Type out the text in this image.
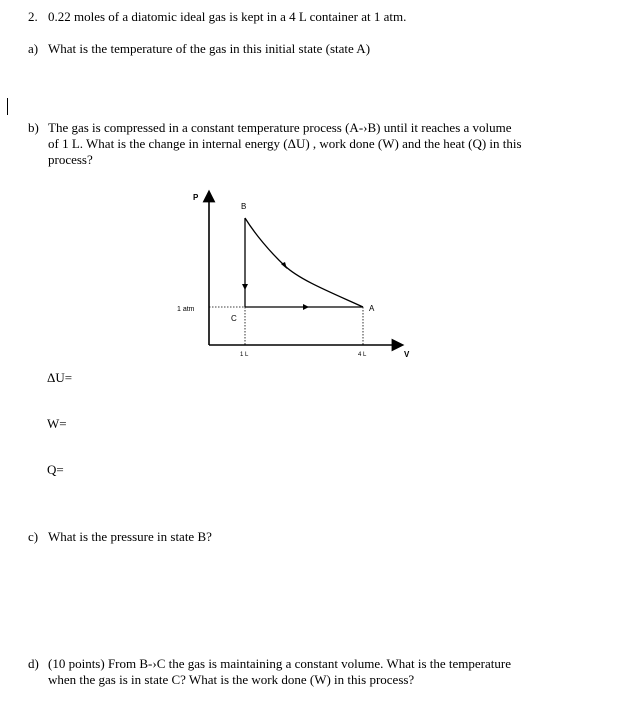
2. 0.22 moles of a diatomic ideal gas is kept in a 4 L container at 1 atm.
a) What is the temperature of the gas in this initial state (state A)
b) The gas is compressed in a constant temperature process (A-›B) until it reaches a volume
of 1 L. What is the change in internal energy (ΔU) , work done (W) and the heat (Q) in this
process?
P
V
B
A
C
1 atm
1 L	4 L
ΔU=
W=
Q=
c) What is the pressure in state B?
d) (10 points) From B-›C the gas is maintaining a constant volume. What is the temperature
when the gas is in state C? What is the work done (W) in this process?
